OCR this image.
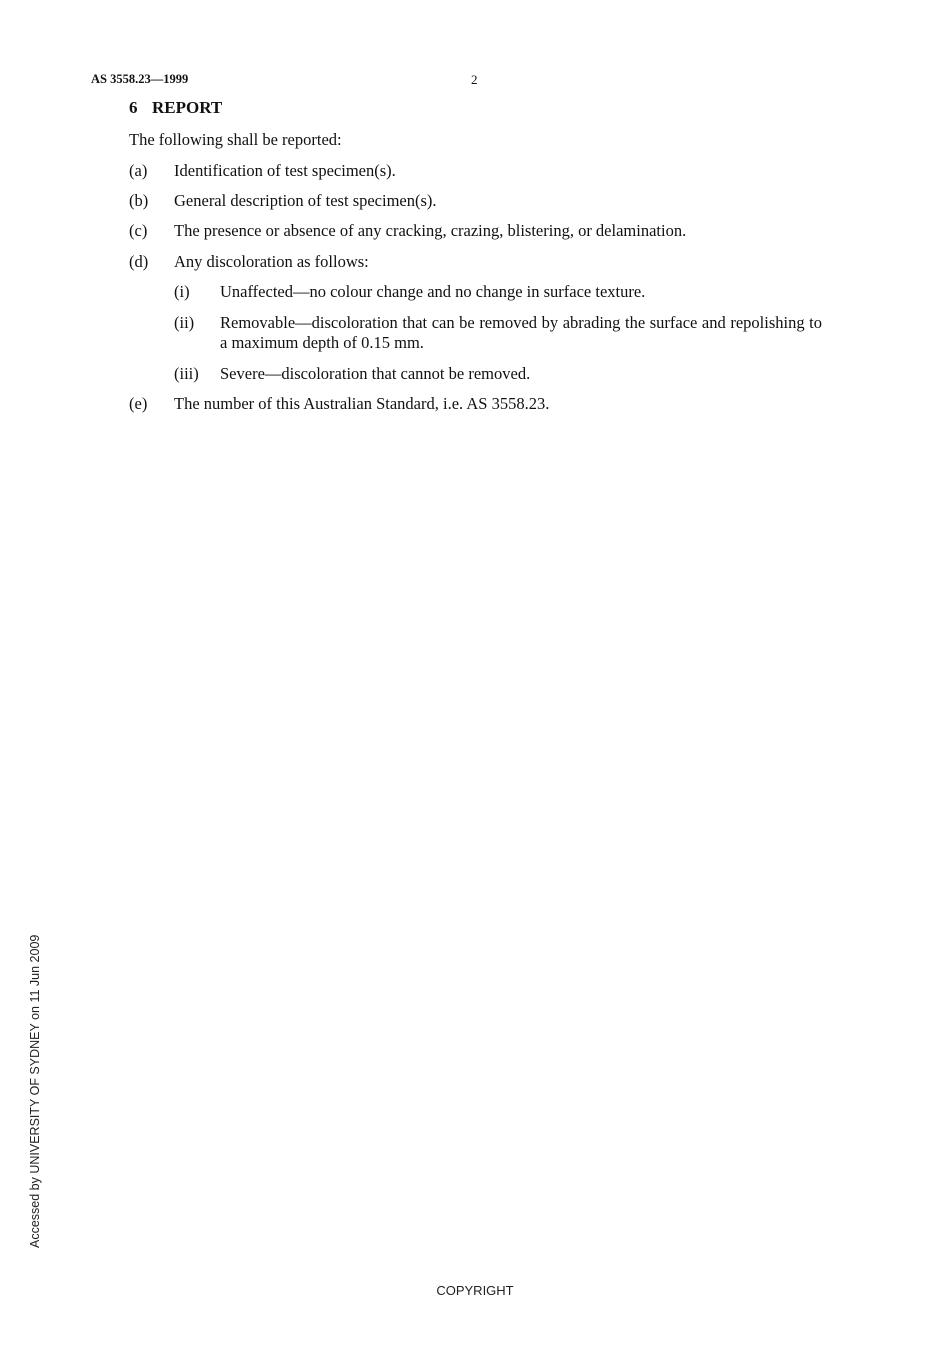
AS 3558.23—1999	2
6 REPORT
The following shall be reported:
(a) Identification of test specimen(s).
(b) General description of test specimen(s).
(c) The presence or absence of any cracking, crazing, blistering, or delamination.
(d) Any discoloration as follows:
(i) Unaffected—no colour change and no change in surface texture.
(ii) Removable—discoloration that can be removed by abrading the surface and repolishing to a maximum depth of 0.15 mm.
(iii) Severe—discoloration that cannot be removed.
(e) The number of this Australian Standard, i.e. AS 3558.23.
Accessed by UNIVERSITY OF SYDNEY on 11 Jun 2009
COPYRIGHT
